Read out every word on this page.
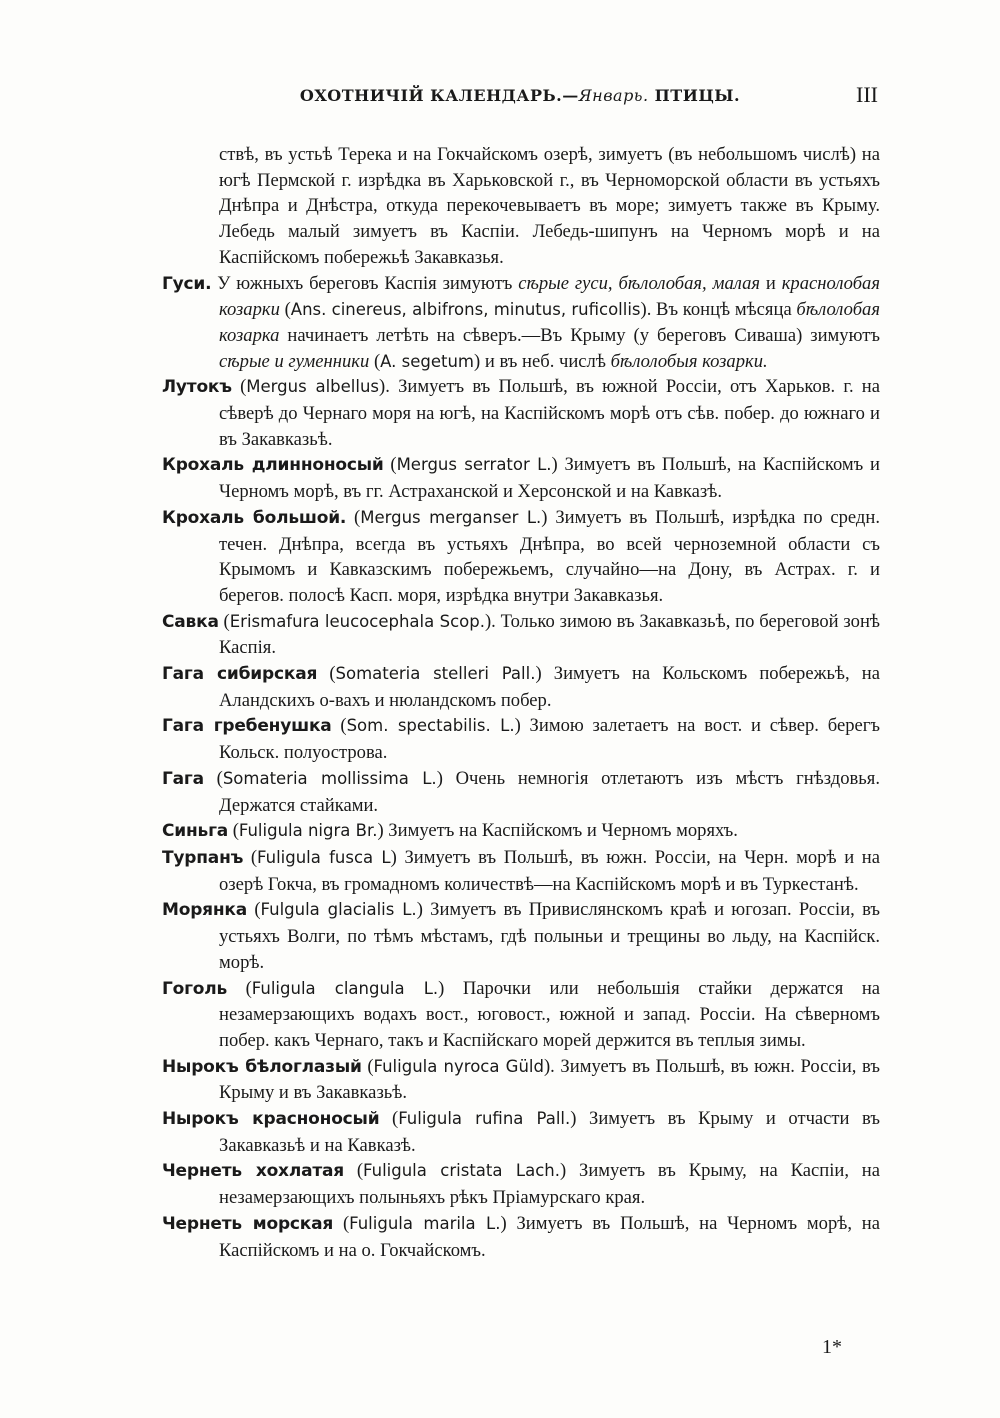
ОХОТНИЧІЙ КАЛЕНДАРЬ.—Январь. ПТИЦЫ.	III

ствѣ, въ устьѣ Терека и на Гокчайскомъ озерѣ, зимуетъ (въ небольшомъ числѣ) на югѣ Пермской г. изрѣдка въ Харьковской г., въ Черноморской области въ устьяхъ Днѣпра и Днѣстра, откуда перекочевываетъ въ море; зимуетъ также въ Крыму. Лебедь малый зимуетъ въ Каспіи. Лебедь-шипунъ на Черномъ морѣ и на Каспійскомъ побережьѣ Закавказья.

Гуси. У южныхъ береговъ Каспія зимуютъ сѣрые гуси, бѣлолобая, малая и краснолобая козарки (Ans. cinereus, albifrons, minutus, ruficollis). Въ концѣ мѣсяца бѣлолобая козарка начинаетъ летѣть на сѣверъ.—Въ Крыму (у береговъ Сиваша) зимуютъ сѣрые и гуменники (A. segetum) и въ неб. числѣ бѣлолобыя козарки.

Лутокъ (Mergus albellus). Зимуетъ въ Польшѣ, въ южной Россіи, отъ Харьков. г. на сѣверѣ до Чернаго моря на югѣ, на Каспійскомъ морѣ отъ сѣв. побер. до южнаго и въ Закавказьѣ.

Крохаль длинноносый (Mergus serrator L.) Зимуетъ въ Польшѣ, на Каспійскомъ и Черномъ морѣ, въ гг. Астраханской и Херсонской и на Кавказѣ.

Крохаль большой. (Mergus merganser L.) Зимуетъ въ Польшѣ, изрѣдка по средн. течен. Днѣпра, всегда въ устьяхъ Днѣпра, во всей черноземной области съ Крымомъ и Кавказскимъ побережьемъ, случайно—на Дону, въ Астрах. г. и берегов. полосѣ Касп. моря, изрѣдка внутри Закавказья.

Савка (Erismafura leucocephala Scop.). Только зимою въ Закавказьѣ, по береговой зонѣ Каспія.

Гага сибирская (Somateria stelleri Pall.) Зимуетъ на Кольскомъ побережьѣ, на Аландскихъ о-вахъ и нюландскомъ побер.

Гага гребенушка (Som. spectabilis. L.) Зимою залетаетъ на вост. и сѣвер. берегъ Кольск. полуострова.

Гага (Somateria mollissima L.) Очень немногія отлетаютъ изъ мѣстъ гнѣздовья. Держатся стайками.

Синьга (Fuligula nigra Br.) Зимуетъ на Каспійскомъ и Черномъ моряхъ.

Турпанъ (Fuligula fusca L) Зимуетъ въ Польшѣ, въ южн. Россіи, на Черн. морѣ и на озерѣ Гокча, въ громадномъ количествѣ—на Каспійскомъ морѣ и въ Туркестанѣ.

Морянка (Fulgula glacialis L.) Зимуетъ въ Привислянскомъ краѣ и югозап. Россіи, въ устьяхъ Волги, по тѣмъ мѣстамъ, гдѣ полыньи и трещины во льду, на Каспійск. морѣ.

Гоголь (Fuligula clangula L.) Парочки или небольшія стайки держатся на незамерзающихъ водахъ вост., юговост., южной и запад. Россіи. На сѣверномъ побер. какъ Чернаго, такъ и Каспійскаго морей держится въ теплыя зимы.

Нырокъ бѣлоглазый (Fuligula nyroca Güld). Зимуетъ въ Польшѣ, въ южн. Россіи, въ Крыму и въ Закавказьѣ.

Нырокъ красноносый (Fuligula rufina Pall.) Зимуетъ въ Крыму и отчасти въ Закавказьѣ и на Кавказѣ.

Чернеть хохлатая (Fuligula cristata Lach.) Зимуетъ въ Крыму, на Каспіи, на незамерзающихъ полыньяхъ рѣкъ Пріамурскаго края.

Чернеть морская (Fuligula marila L.) Зимуетъ въ Польшѣ, на Черномъ морѣ, на Каспійскомъ и на о. Гокчайскомъ.

1*
